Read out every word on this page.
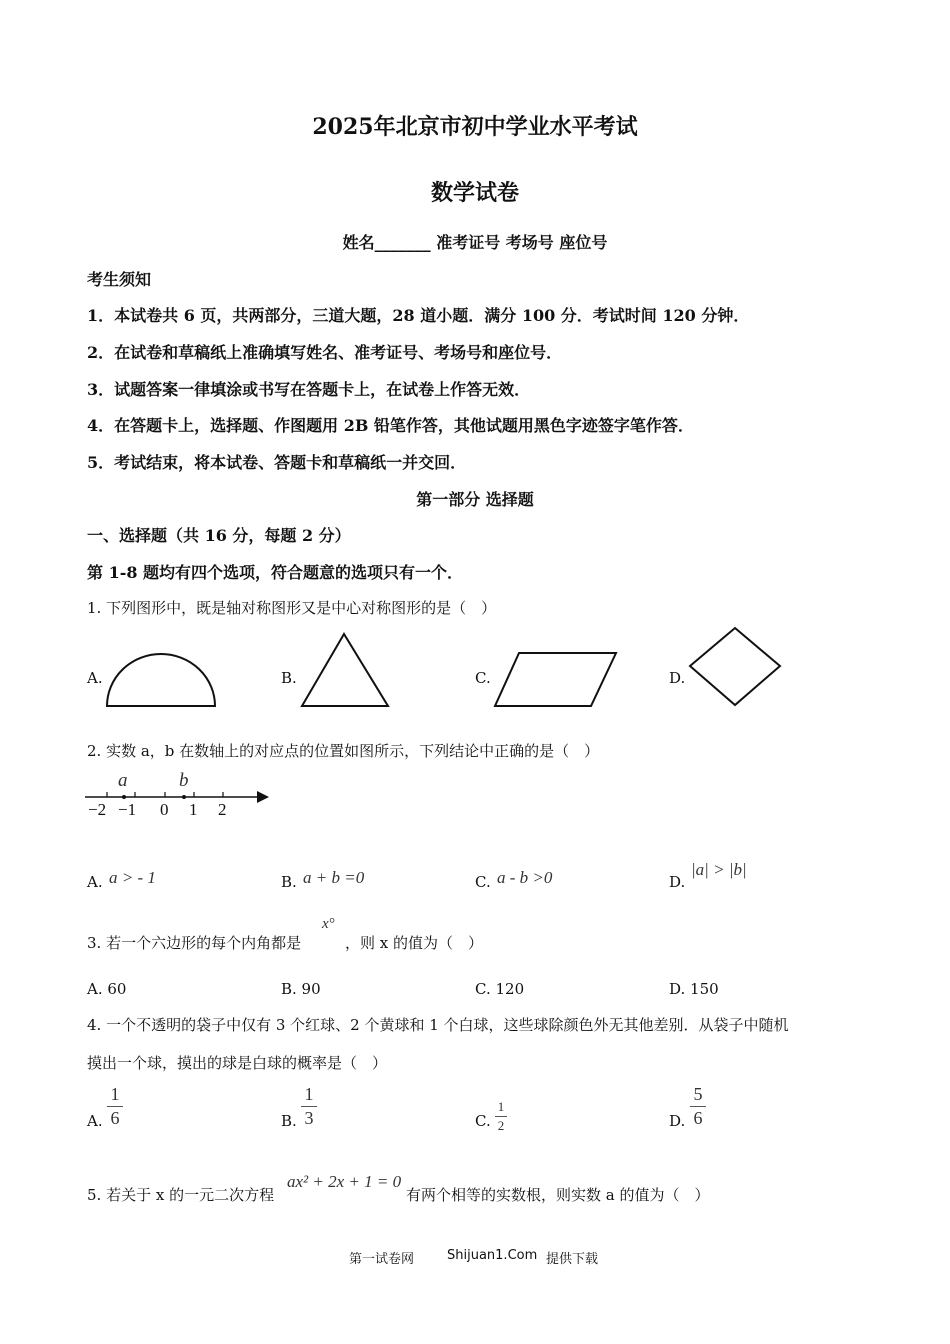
2025年北京市初中学业水平考试
数学试卷
姓名_______ 准考证号 考场号 座位号
考生须知
1．本试卷共 6 页，共两部分，三道大题，28 道小题．满分 100 分．考试时间 120 分钟．
2．在试卷和草稿纸上准确填写姓名、准考证号、考场号和座位号．
3．试题答案一律填涂或书写在答题卡上，在试卷上作答无效．
4．在答题卡上，选择题、作图题用 2B 铅笔作答，其他试题用黑色字迹签字笔作答．
5．考试结束，将本试卷、答题卡和草稿纸一并交回．
第一部分 选择题
一、选择题（共 16 分，每题 2 分）
第 1-8 题均有四个选项，符合题意的选项只有一个．
1. 下列图形中，既是轴对称图形又是中心对称图形的是（　）
A.	B.	C.	D.
2. 实数 a，b 在数轴上的对应点的位置如图所示，下列结论中正确的是（　）
a	b
−2 −1 0 1 2
A. a > - 1	B. a + b =0	C. a - b >0	D.
|a| > |b|
3. 若一个六边形的每个内角都是
x°
，则 x 的值为（　）
A. 60	B. 90	C. 120	D. 150
4. 一个不透明的袋子中仅有 3 个红球、2 个黄球和 1 个白球，这些球除颜色外无其他差别．从袋子中随机
摸出一个球，摸出的球是白球的概率是（　）
A.
1
6	B.
1
3	C.
1
2	D.
5
6
5. 若关于 x 的一元二次方程
ax² + 2x + 1 = 0
有两个相等的实数根，则实数 a 的值为（　）
第一试卷网	Shijuan1.Com 提供下载
